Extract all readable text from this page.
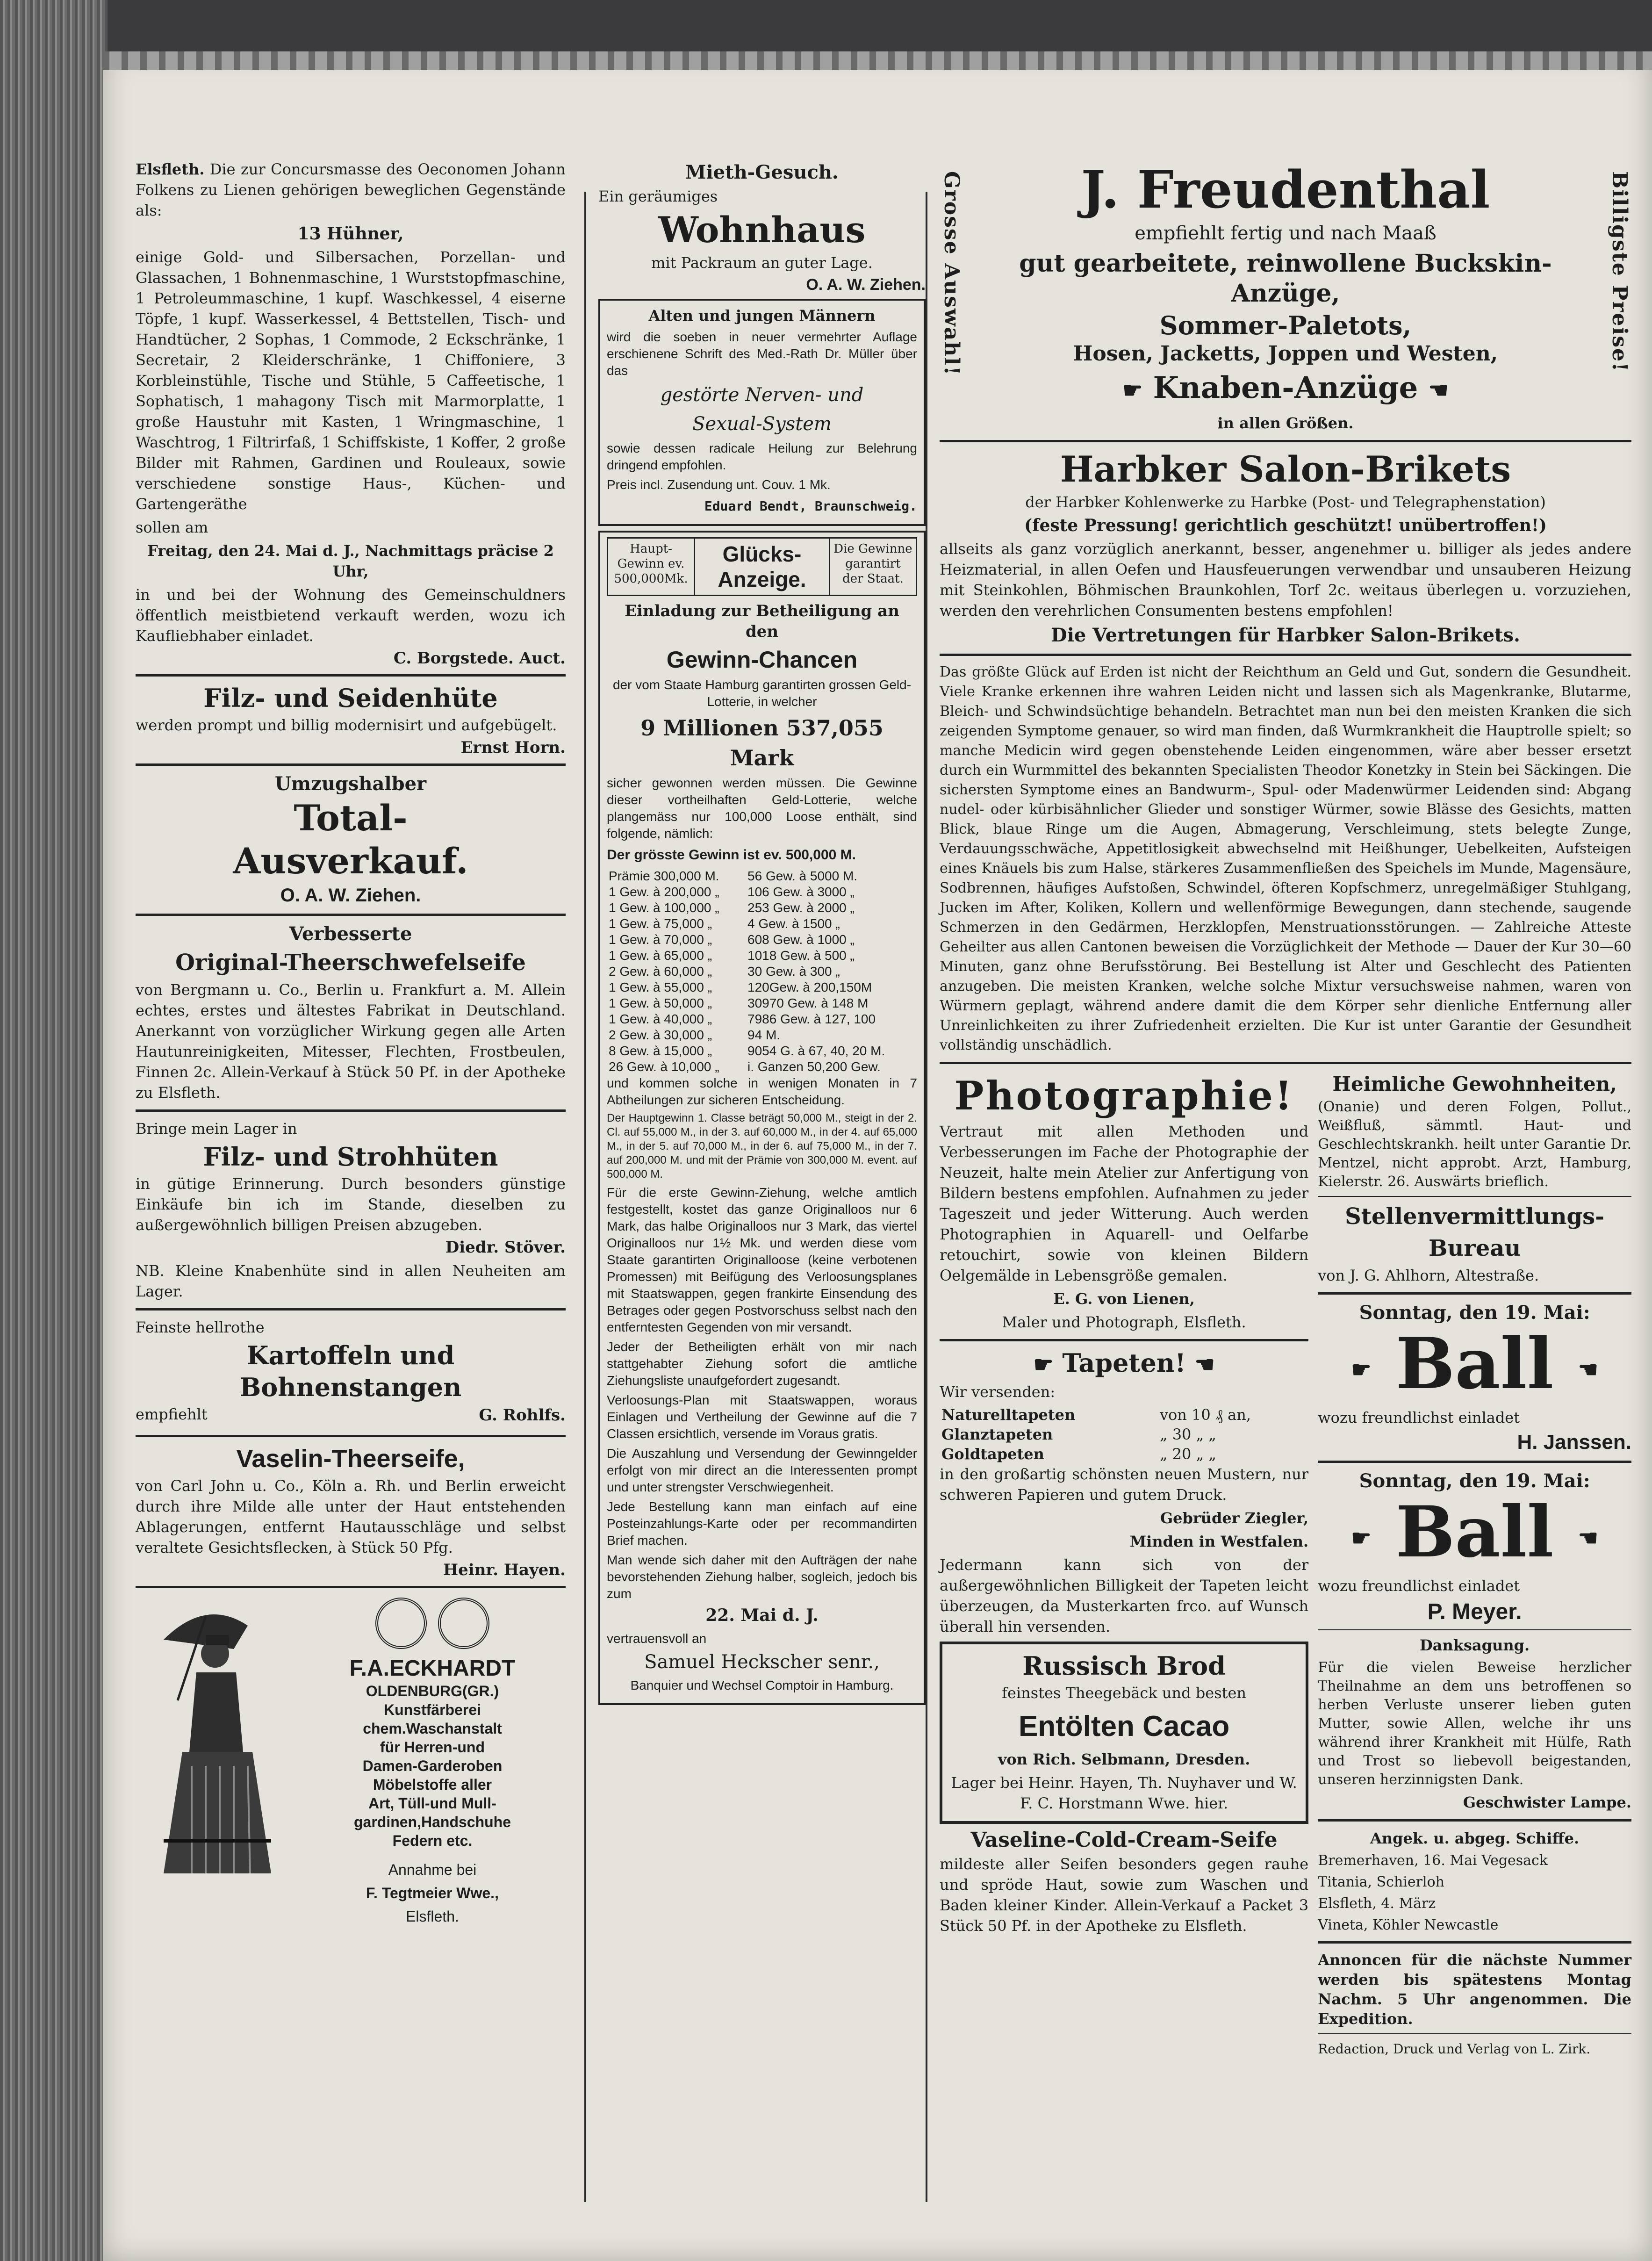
Elsfleth. Die zur Concursmasse des Oeconomen Johann Folkens zu Lienen gehörigen beweglichen Gegenstände als:

13 Hühner,

einige Gold- und Silbersachen, Porzellan- und Glassachen, 1 Bohnenmaschine, 1 Wurststopfmaschine, 1 Petroleummaschine, 1 kupf. Waschkessel, 4 eiserne Töpfe, 1 kupf. Wasserkessel, 4 Bettstellen, Tisch- und Handtücher, 2 Sophas, 1 Commode, 2 Eckschränke, 1 Secretair, 2 Kleiderschränke, 1 Chiffoniere, 3 Korbleinstühle, Tische und Stühle, 5 Caffeetische, 1 Sophatisch, 1 mahagony Tisch mit Marmorplatte, 1 große Haustuhr mit Kasten, 1 Wringmaschine, 1 Waschtrog, 1 Filtrirfaß, 1 Schiffskiste, 1 Koffer, 2 große Bilder mit Rahmen, Gardinen und Rouleaux, sowie verschiedene sonstige Haus-, Küchen- und Gartengeräthe

sollen am

Freitag, den 24. Mai d. J., Nachmittags präcise 2 Uhr,

in und bei der Wohnung des Gemeinschuldners öffentlich meistbietend verkauft werden, wozu ich Kaufliebhaber einladet.

C. Borgstede. Auct.
Filz- und Seidenhüte

werden prompt und billig modernisirt und aufgebügelt.

Ernst Horn.
Umzugshalber
Total-
Ausverkauf.
O. A. W. Ziehen.
Verbesserte
Original-Theerschwefelseife

von Bergmann u. Co., Berlin u. Frankfurt a. M. Allein echtes, erstes und ältestes Fabrikat in Deutschland. Anerkannt von vorzüglicher Wirkung gegen alle Arten Hautunreinigkeiten, Mitesser, Flechten, Frostbeulen, Finnen 2c. Allein-Verkauf à Stück 50 Pf. in der Apotheke zu Elsfleth.

Bringe mein Lager in

Filz- und Strohhüten

in gütige Erinnerung. Durch besonders günstige Einkäufe bin ich im Stande, dieselben zu außergewöhnlich billigen Preisen abzugeben.

Diedr. Stöver.

NB. Kleine Knabenhüte sind in allen Neuheiten am Lager.

Feinste hellrothe

Kartoffeln und
Bohnenstangen

empfiehlt	G. Rohlfs.
Vaselin-Theerseife,

von Carl John u. Co., Köln a. Rh. und Berlin erweicht durch ihre Milde alle unter der Haut entstehenden Ablagerungen, entfernt Hautausschläge und selbst veraltete Gesichtsflecken, à Stück 50 Pfg.

Heinr. Hayen.
F.A.ECKHARDT
OLDENBURG(GR.)
Kunstfärberei
chem.Waschanstalt
für Herren-und
Damen-Garderoben
Möbelstoffe aller
Art, Tüll-und Mull-
gardinen,Handschuhe
Federn etc.

Annahme bei

F. Tegtmeier Wwe.,

Elsfleth.

Mieth-Gesuch.

Ein geräumiges

Wohnhaus

mit Packraum an guter Lage.

O. A. W. Ziehen.

Alten und jungen Männern

wird die soeben in neuer vermehrter Auflage erschienene Schrift des Med.-Rath Dr. Müller über das

gestörte Nerven- und

Sexual-System

sowie dessen radicale Heilung zur Belehrung dringend empfohlen.

Preis incl. Zusendung unt. Couv. 1 Mk.

Eduard Bendt, Braunschweig.

Haupt-Gewinn ev. 500,000Mk.
Glücks-Anzeige.
Die Gewinne garantirt der Staat.

Einladung zur Betheiligung an den

Gewinn-Chancen

der vom Staate Hamburg garantirten grossen Geld-Lotterie, in welcher

9 Millionen 537,055 Mark

sicher gewonnen werden müssen. Die Gewinne dieser vortheilhaften Geld-Lotterie, welche plangemäss nur 100,000 Loose enthält, sind folgende, nämlich:

Der grösste Gewinn ist ev. 500,000 M.

Prämie 300,000 M.	56 Gew. à 5000 M.
1 Gew. à 200,000 „	106 Gew. à 3000 „
1 Gew. à 100,000 „	253 Gew. à 2000 „
1 Gew. à 75,000 „	4 Gew. à 1500 „
1 Gew. à 70,000 „	608 Gew. à 1000 „
1 Gew. à 65,000 „	1018 Gew. à 500 „
2 Gew. à 60,000 „	30 Gew. à 300 „
1 Gew. à 55,000 „	120Gew. à 200,150M
1 Gew. à 50,000 „	30970 Gew. à 148 M
1 Gew. à 40,000 „	7986 Gew. à 127, 100
2 Gew. à 30,000 „	94 M.
8 Gew. à 15,000 „	9054 G. à 67, 40, 20 M.
26 Gew. à 10,000 „	i. Ganzen 50,200 Gew.

und kommen solche in wenigen Monaten in 7 Abtheilungen zur sicheren Entscheidung.

Der Hauptgewinn 1. Classe beträgt 50,000 M., steigt in der 2. Cl. auf 55,000 M., in der 3. auf 60,000 M., in der 4. auf 65,000 M., in der 5. auf 70,000 M., in der 6. auf 75,000 M., in der 7. auf 200,000 M. und mit der Prämie von 300,000 M. event. auf 500,000 M.

Für die erste Gewinn-Ziehung, welche amtlich festgestellt, kostet das ganze Originalloos nur 6 Mark, das halbe Originalloos nur 3 Mark, das viertel Originalloos nur 1½ Mk. und werden diese vom Staate garantirten Originalloose (keine verbotenen Promessen) mit Beifügung des Verloosungsplanes mit Staatswappen, gegen frankirte Einsendung des Betrages oder gegen Postvorschuss selbst nach den entferntesten Gegenden von mir versandt.

Jeder der Betheiligten erhält von mir nach stattgehabter Ziehung sofort die amtliche Ziehungsliste unaufgefordert zugesandt.

Verloosungs-Plan mit Staatswappen, woraus Einlagen und Vertheilung der Gewinne auf die 7 Classen ersichtlich, versende im Voraus gratis.

Die Auszahlung und Versendung der Gewinngelder erfolgt von mir direct an die Interessenten prompt und unter strengster Verschwiegenheit.

Jede Bestellung kann man einfach auf eine Posteinzahlungs-Karte oder per recommandirten Brief machen.

Man wende sich daher mit den Aufträgen der nahe bevorstehenden Ziehung halber, sogleich, jedoch bis zum

22. Mai d. J.

vertrauensvoll an

Samuel Heckscher senr.,

Banquier und Wechsel Comptoir in Hamburg.

Grosse Auswahl!	Billigste Preise!
J. Freudenthal

empfiehlt fertig und nach Maaß

gut gearbeitete, reinwollene Buckskin-Anzüge,
Sommer-Paletots,
Hosen, Jacketts, Joppen und Westen,
☛ Knaben-Anzüge ☚

in allen Größen.

Harbker Salon-Brikets

der Harbker Kohlenwerke zu Harbke (Post- und Telegraphenstation)

(feste Pressung! gerichtlich geschützt! unübertroffen!)

allseits als ganz vorzüglich anerkannt, besser, angenehmer u. billiger als jedes andere Heizmaterial, in allen Oefen und Hausfeuerungen verwendbar und unsauberen Heizung mit Steinkohlen, Böhmischen Braunkohlen, Torf 2c. weitaus überlegen u. vorzuziehen, werden den verehrlichen Consumenten bestens empfohlen!

Die Vertretungen für Harbker Salon-Brikets.

Das größte Glück auf Erden ist nicht der Reichthum an Geld und Gut, sondern die Gesundheit. Viele Kranke erkennen ihre wahren Leiden nicht und lassen sich als Magenkranke, Blutarme, Bleich- und Schwindsüchtige behandeln. Betrachtet man nun bei den meisten Kranken die sich zeigenden Symptome genauer, so wird man finden, daß Wurmkrankheit die Hauptrolle spielt; so manche Medicin wird gegen obenstehende Leiden eingenommen, wäre aber besser ersetzt durch ein Wurmmittel des bekannten Specialisten Theodor Konetzky in Stein bei Säckingen. Die sichersten Symptome eines an Bandwurm-, Spul- oder Madenwürmer Leidenden sind: Abgang nudel- oder kürbisähnlicher Glieder und sonstiger Würmer, sowie Blässe des Gesichts, matten Blick, blaue Ringe um die Augen, Abmagerung, Verschleimung, stets belegte Zunge, Verdauungsschwäche, Appetitlosigkeit abwechselnd mit Heißhunger, Uebelkeiten, Aufsteigen eines Knäuels bis zum Halse, stärkeres Zusammenfließen des Speichels im Munde, Magensäure, Sodbrennen, häufiges Aufstoßen, Schwindel, öfteren Kopfschmerz, unregelmäßiger Stuhlgang, Jucken im After, Koliken, Kollern und wellenförmige Bewegungen, dann stechende, saugende Schmerzen in den Gedärmen, Herzklopfen, Menstruationsstörungen. — Zahlreiche Atteste Geheilter aus allen Cantonen beweisen die Vorzüglichkeit der Methode — Dauer der Kur 30—60 Minuten, ganz ohne Berufsstörung. Bei Bestellung ist Alter und Geschlecht des Patienten anzugeben. Die meisten Kranken, welche solche Mixtur versuchsweise nahmen, waren von Würmern geplagt, während andere damit die dem Körper sehr dienliche Entfernung aller Unreinlichkeiten zu ihrer Zufriedenheit erzielten. Die Kur ist unter Garantie der Gesundheit vollständig unschädlich.

Photographie!

Vertraut mit allen Methoden und Verbesserungen im Fache der Photographie der Neuzeit, halte mein Atelier zur Anfertigung von Bildern bestens empfohlen. Aufnahmen zu jeder Tageszeit und jeder Witterung. Auch werden Photographien in Aquarell- und Oelfarbe retouchirt, sowie von kleinen Bildern Oelgemälde in Lebensgröße gemalen.

E. G. von Lienen,

Maler und Photograph, Elsfleth.

☛ Tapeten! ☚

Wir versenden:

Naturelltapeten	von 10 ₰ an,
Glanztapeten	„ 30 „ „
Goldtapeten	„ 20 „ „

in den großartig schönsten neuen Mustern, nur schweren Papieren und gutem Druck.

Gebrüder Ziegler,

Minden in Westfalen.

Jedermann kann sich von der außergewöhnlichen Billigkeit der Tapeten leicht überzeugen, da Musterkarten frco. auf Wunsch überall hin versenden.

Russisch Brod

feinstes Theegebäck und besten

Entölten Cacao

von Rich. Selbmann, Dresden.

Lager bei Heinr. Hayen, Th. Nuyhaver und W. F. C. Horstmann Wwe. hier.

Vaseline-Cold-Cream-Seife

mildeste aller Seifen besonders gegen rauhe und spröde Haut, sowie zum Waschen und Baden kleiner Kinder. Allein-Verkauf a Packet 3 Stück 50 Pf. in der Apotheke zu Elsfleth.

Heimliche Gewohnheiten,

(Onanie) und deren Folgen, Pollut., Weißfluß, sämmtl. Haut- und Geschlechtskrankh. heilt unter Garantie Dr. Mentzel, nicht approbt. Arzt, Hamburg, Kielerstr. 26. Auswärts brieflich.

Stellenvermittlungs-
Bureau

von J. G. Ahlhorn, Altestraße.

Sonntag, den 19. Mai:
☛ Ball ☚

wozu freundlichst einladet

H. Janssen.
Sonntag, den 19. Mai:
☛ Ball ☚

wozu freundlichst einladet

P. Meyer.

Danksagung.

Für die vielen Beweise herzlicher Theilnahme an dem uns betroffenen so herben Verluste unserer lieben guten Mutter, sowie Allen, welche ihr uns während ihrer Krankheit mit Hülfe, Rath und Trost so liebevoll beigestanden, unseren herzinnigsten Dank.

Geschwister Lampe.

Angek. u. abgeg. Schiffe.

Bremerhaven, 16. Mai Vegesack

Titania, Schierloh

Elsfleth, 4. März

Vineta, Köhler Newcastle

Annoncen für die nächste Nummer werden bis spätestens Montag Nachm. 5 Uhr angenommen. Die Expedition.

Redaction, Druck und Verlag von L. Zirk.
